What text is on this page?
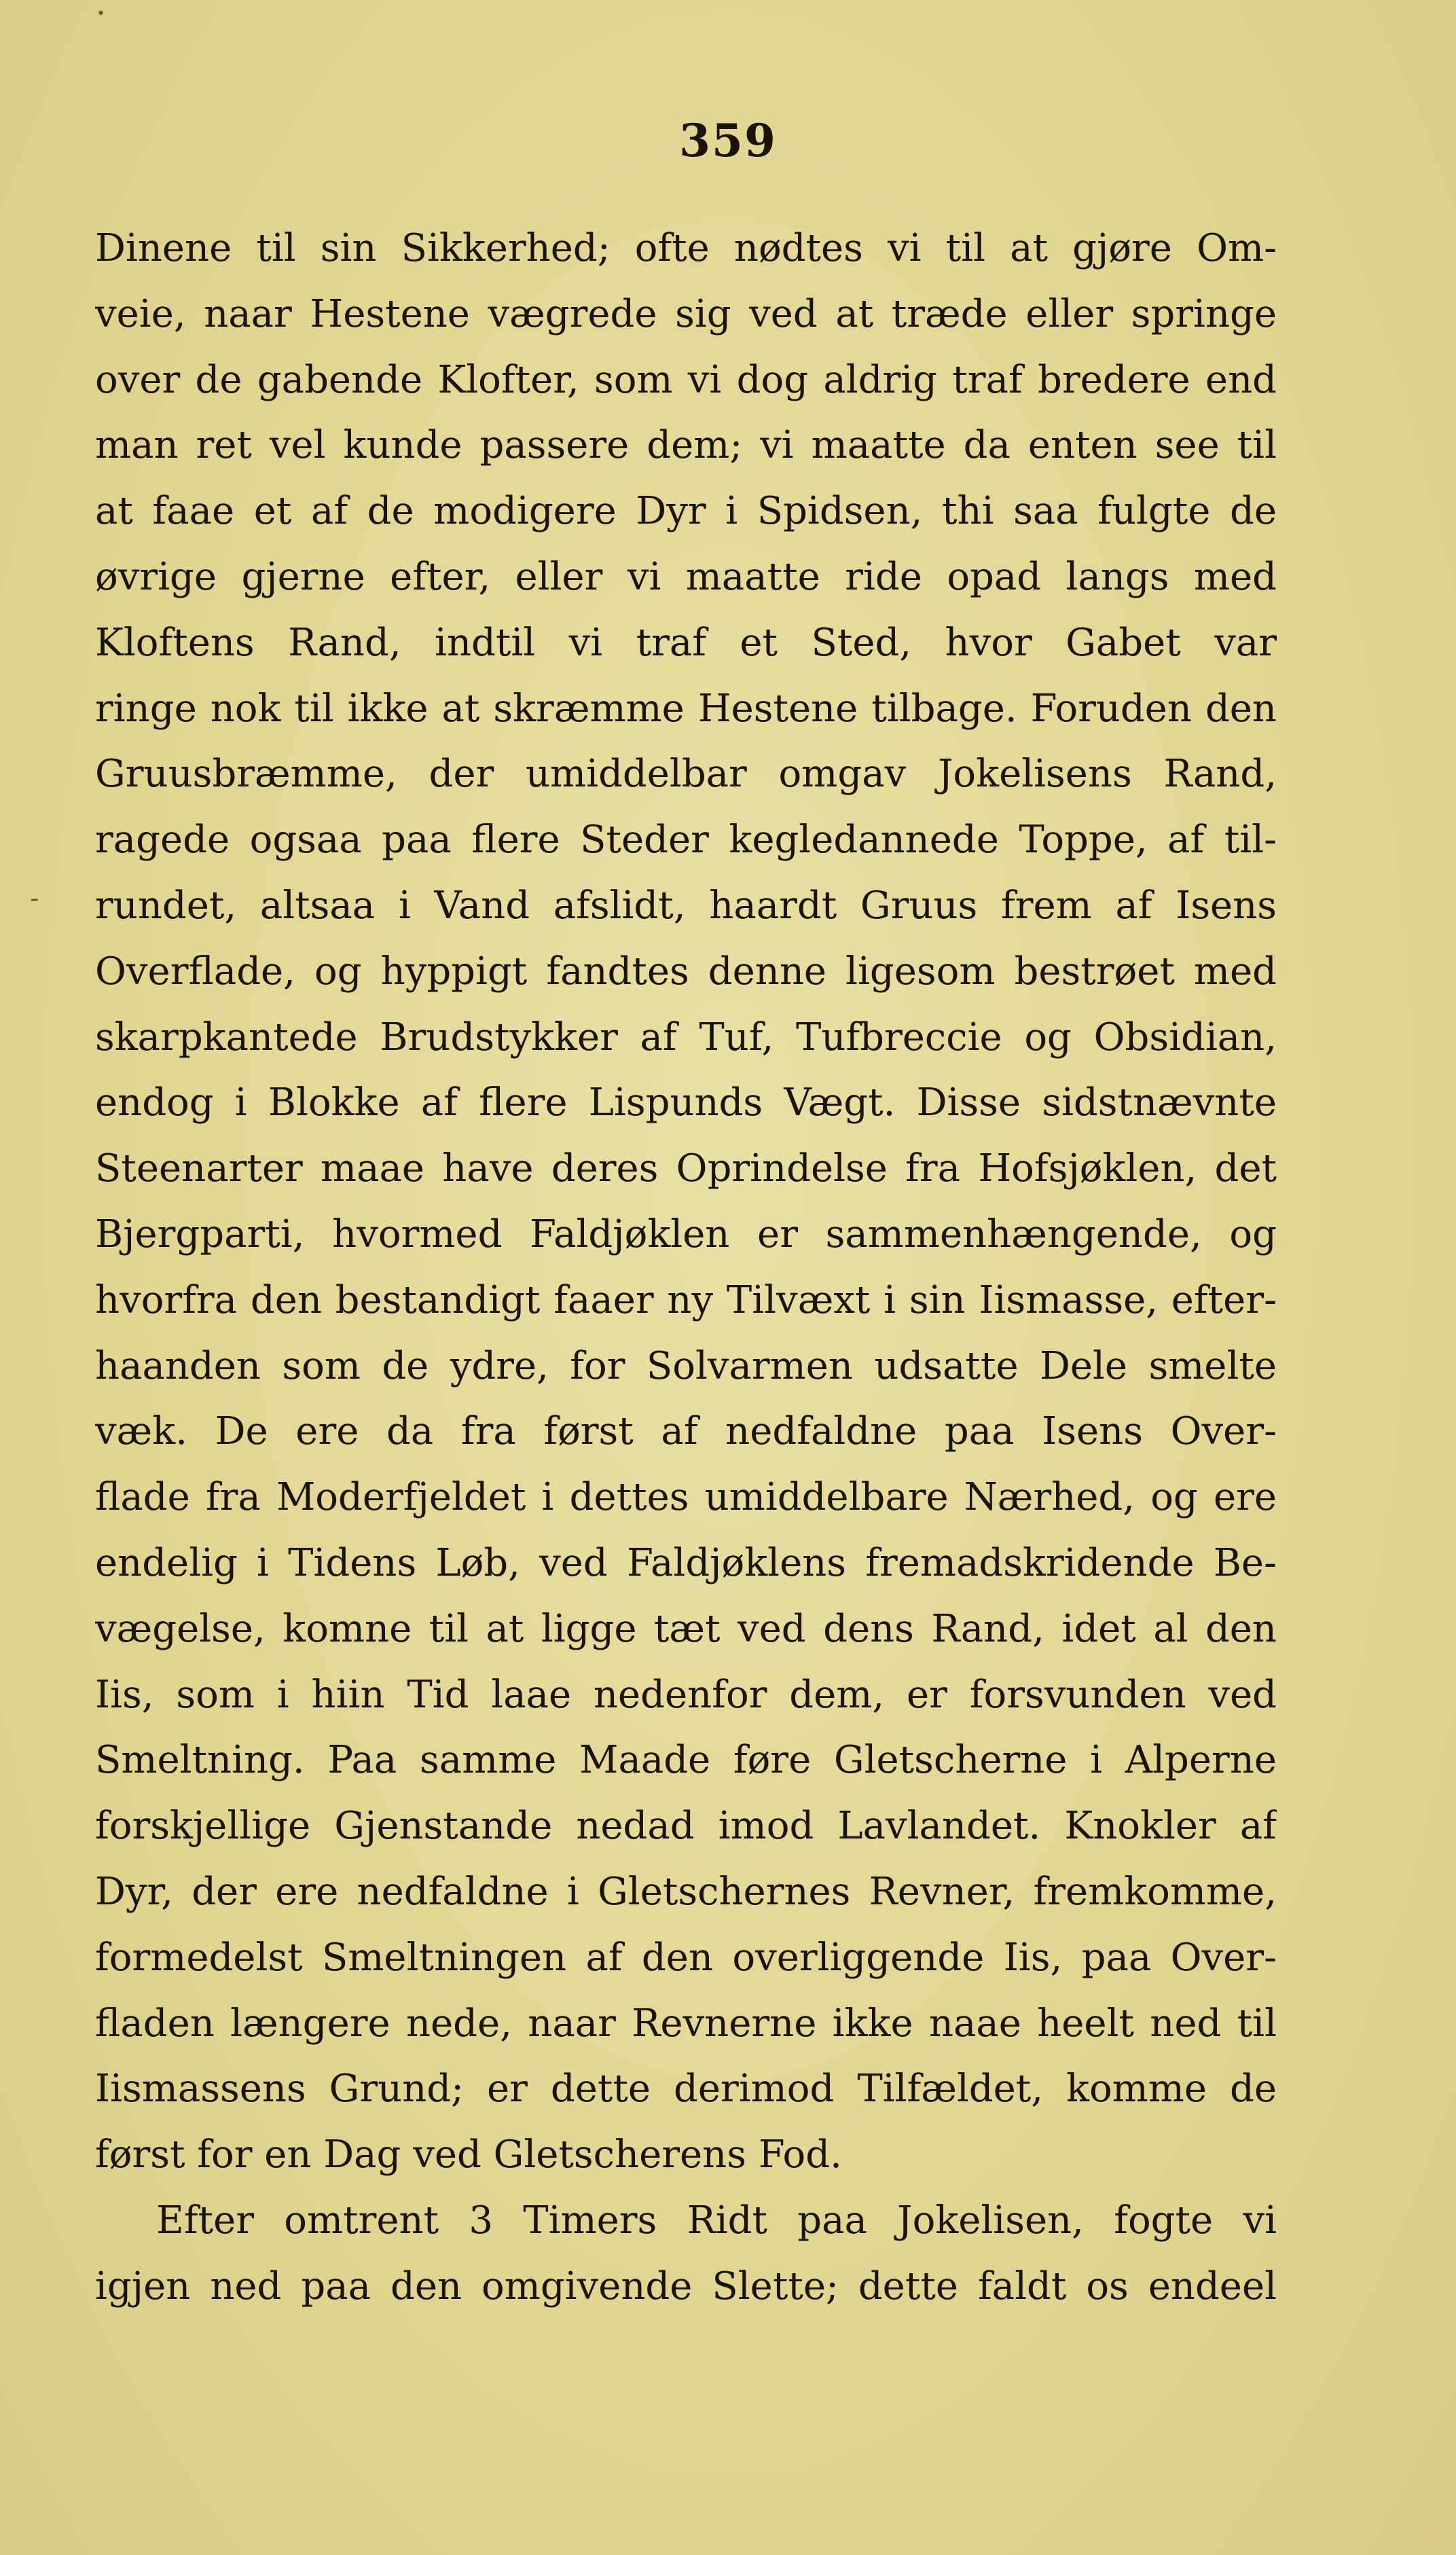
359
Dinene til sin Sikkerhed; ofte nødtes vi til at gjøre Om-
veie, naar Hestene vægrede sig ved at træde eller springe
over de gabende Klofter, som vi dog aldrig traf bredere end
man ret vel kunde passere dem; vi maatte da enten see til
at faae et af de modigere Dyr i Spidsen, thi saa fulgte de
øvrige gjerne efter, eller vi maatte ride opad langs med
Kloftens Rand, indtil vi traf et Sted, hvor Gabet var
ringe nok til ikke at skræmme Hestene tilbage. Foruden den
Gruusbræmme, der umiddelbar omgav Jokelisens Rand,
ragede ogsaa paa flere Steder kegledannede Toppe, af til-
rundet, altsaa i Vand afslidt, haardt Gruus frem af Isens
Overflade, og hyppigt fandtes denne ligesom bestrøet med
skarpkantede Brudstykker af Tuf, Tufbreccie og Obsidian,
endog i Blokke af flere Lispunds Vægt. Disse sidstnævnte
Steenarter maae have deres Oprindelse fra Hofsjøklen, det
Bjergparti, hvormed Faldjøklen er sammenhængende, og
hvorfra den bestandigt faaer ny Tilvæxt i sin Iismasse, efter-
haanden som de ydre, for Solvarmen udsatte Dele smelte
væk. De ere da fra først af nedfaldne paa Isens Over-
flade fra Moderfjeldet i dettes umiddelbare Nærhed, og ere
endelig i Tidens Løb, ved Faldjøklens fremadskridende Be-
vægelse, komne til at ligge tæt ved dens Rand, idet al den
Iis, som i hiin Tid laae nedenfor dem, er forsvunden ved
Smeltning. Paa samme Maade føre Gletscherne i Alperne
forskjellige Gjenstande nedad imod Lavlandet. Knokler af
Dyr, der ere nedfaldne i Gletschernes Revner, fremkomme,
formedelst Smeltningen af den overliggende Iis, paa Over-
fladen længere nede, naar Revnerne ikke naae heelt ned til
Iismassens Grund; er dette derimod Tilfældet, komme de
først for en Dag ved Gletscherens Fod.
Efter omtrent 3 Timers Ridt paa Jokelisen, fogte vi
igjen ned paa den omgivende Slette; dette faldt os endeel
-
•
